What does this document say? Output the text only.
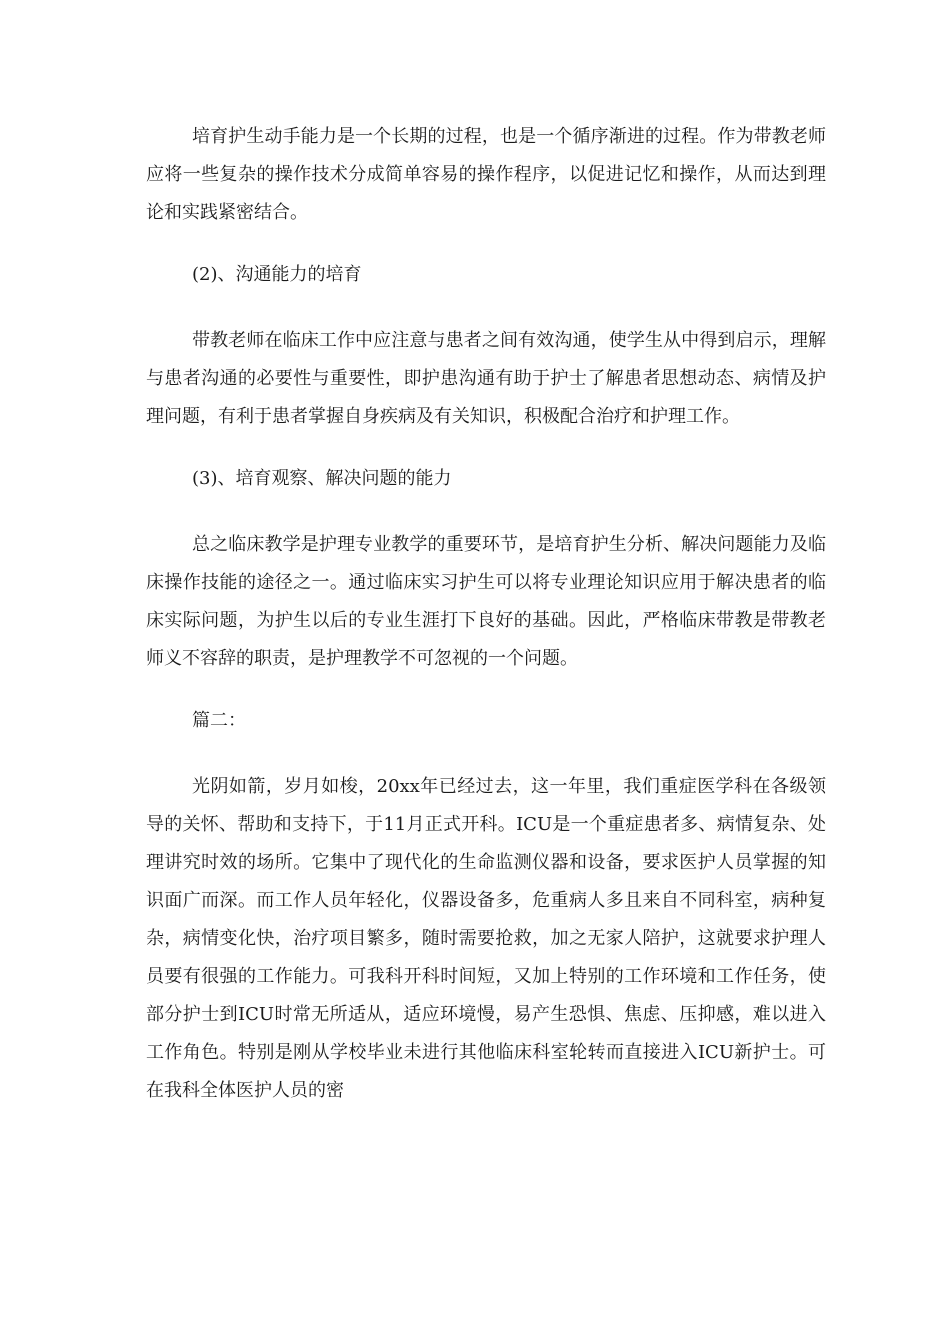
培育护生动手能力是一个长期的过程，也是一个循序渐进的过程。作为带教老师应将一些复杂的操作技术分成简单容易的操作程序，以促进记忆和操作，从而达到理论和实践紧密结合。

(2)、沟通能力的培育

带教老师在临床工作中应注意与患者之间有效沟通，使学生从中得到启示，理解与患者沟通的必要性与重要性，即护患沟通有助于护士了解患者思想动态、病情及护理问题，有利于患者掌握自身疾病及有关知识，积极配合治疗和护理工作。

(3)、培育观察、解决问题的能力

总之临床教学是护理专业教学的重要环节，是培育护生分析、解决问题能力及临床操作技能的途径之一。通过临床实习护生可以将专业理论知识应用于解决患者的临床实际问题，为护生以后的专业生涯打下良好的基础。因此，严格临床带教是带教老师义不容辞的职责，是护理教学不可忽视的一个问题。

篇二：

光阴如箭，岁月如梭，20xx年已经过去，这一年里，我们重症医学科在各级领导的关怀、帮助和支持下，于11月正式开科。ICU是一个重症患者多、病情复杂、处理讲究时效的场所。它集中了现代化的生命监测仪器和设备，要求医护人员掌握的知识面广而深。而工作人员年轻化，仪器设备多，危重病人多且来自不同科室，病种复杂，病情变化快，治疗项目繁多，随时需要抢救，加之无家人陪护，这就要求护理人员要有很强的工作能力。可我科开科时间短，又加上特别的工作环境和工作任务，使部分护士到ICU时常无所适从，适应环境慢，易产生恐惧、焦虑、压抑感，难以进入工作角色。特别是刚从学校毕业未进行其他临床科室轮转而直接进入ICU新护士。可在我科全体医护人员的密
